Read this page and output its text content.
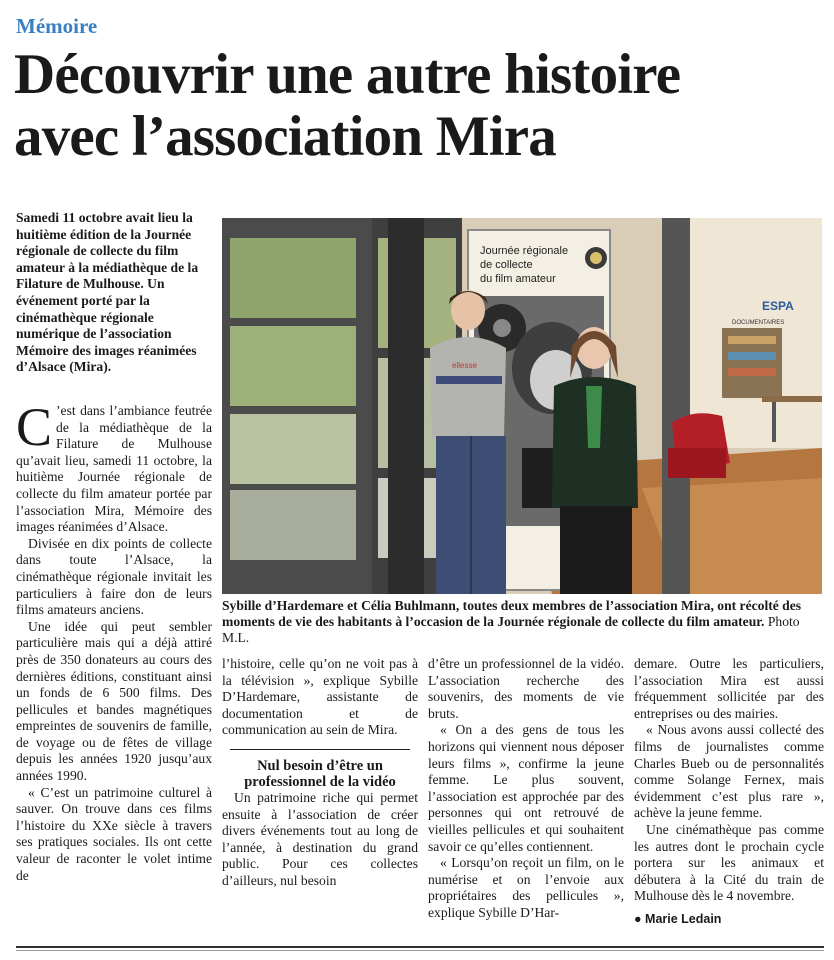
Mémoire
Découvrir une autre histoire
avec l’association Mira
Samedi 11 octobre avait lieu la huitième édition de la Journée régionale de collecte du film amateur à la médiathèque de la Filature de Mulhouse. Un événement porté par la cinémathèque régionale numérique de l’association Mémoire des images réanimées d’Alsace (Mira).
Journée régionale
de collecte
du film amateur
ESPA
DOCUMENTAIRES
ellesse
Sybille d’Hardemare et Célia Buhlmann, toutes deux membres de l’association Mira, ont récolté des moments de vie des habitants à l’occasion de la Journée régionale de collecte du film amateur. Photo M.L.

C ’est dans l’ambiance feutrée de la médiathèque de la Filature de Mulhouse qu’avait lieu, samedi 11 octobre, la huitième Journée régionale de collecte du film amateur portée par l’association Mira, Mémoire des images réanimées d’Alsace.

Divisée en dix points de collecte dans toute l’Alsace, la cinémathèque régionale invitait les particuliers à faire don de leurs films amateurs anciens.

Une idée qui peut sembler particulière mais qui a déjà attiré près de 350 donateurs au cours des dernières éditions, constituant ainsi un fonds de 6 500 films. Des pellicules et bandes magnétiques empreintes de souvenirs de famille, de voyage ou de fêtes de village depuis les années 1920 jusqu’aux années 1990.

« C’est un patrimoine culturel à sauver. On trouve dans ces films l’histoire du XXe siècle à travers ses pratiques sociales. Ils ont cette valeur de raconter le volet intime de

l’histoire, celle qu’on ne voit pas à la télévision », explique Sybille D’Hardemare, assistante de documentation et de communication au sein de Mira.

Nul besoin d’être un professionnel de la vidéo

Un patrimoine riche qui permet ensuite à l’association de créer divers événements tout au long de l’année, à destination du grand public. Pour ces collectes d’ailleurs, nul besoin

d’être un professionnel de la vidéo. L’association recherche des souvenirs, des moments de vie bruts.

« On a des gens de tous les horizons qui viennent nous déposer leurs films », confirme la jeune femme. Le plus souvent, l’association est approchée par des personnes qui ont retrouvé de vieilles pellicules et qui souhaitent savoir ce qu’elles contiennent.

« Lorsqu’on reçoit un film, on le numérise et on l’envoie aux propriétaires des pellicules », explique Sybille D’Har-

demare. Outre les particuliers, l’association Mira est aussi fréquemment sollicitée par des entreprises ou des mairies.

« Nous avons aussi collecté des films de journalistes comme Charles Bueb ou de personnalités comme Solange Fernex, mais évidemment c’est plus rare », achève la jeune femme.

Une cinémathèque pas comme les autres dont le prochain cycle portera sur les animaux et débutera à la Cité du train de Mulhouse dès le 4 novembre.

● Marie Ledain
